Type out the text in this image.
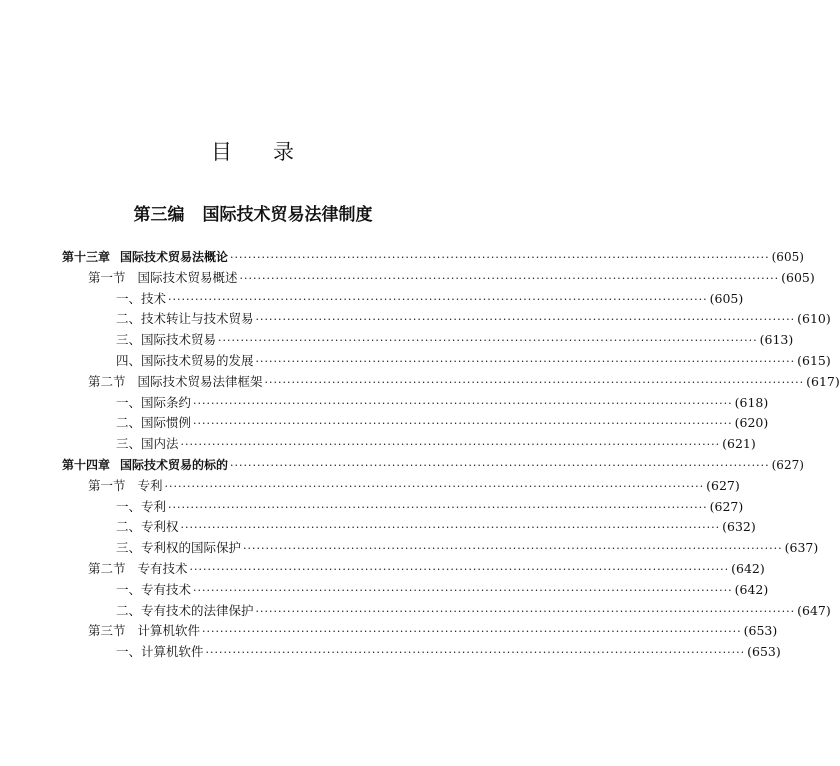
目 录
第三编 国际技术贸易法律制度
第十三章 国际技术贸易法概论 ························································································································ (605)
第一节 国际技术贸易概述 ························································································································ (605)
一、技术 ························································································································ (605)
二、技术转让与技术贸易 ························································································································ (610)
三、国际技术贸易 ························································································································ (613)
四、国际技术贸易的发展 ························································································································ (615)
第二节 国际技术贸易法律框架 ························································································································ (617)
一、国际条约 ························································································································ (618)
二、国际惯例 ························································································································ (620)
三、国内法 ························································································································ (621)
第十四章 国际技术贸易的标的 ························································································································ (627)
第一节 专利 ························································································································ (627)
一、专利 ························································································································ (627)
二、专利权 ························································································································ (632)
三、专利权的国际保护 ························································································································ (637)
第二节 专有技术 ························································································································ (642)
一、专有技术 ························································································································ (642)
二、专有技术的法律保护 ························································································································ (647)
第三节 计算机软件 ························································································································ (653)
一、计算机软件 ························································································································ (653)
